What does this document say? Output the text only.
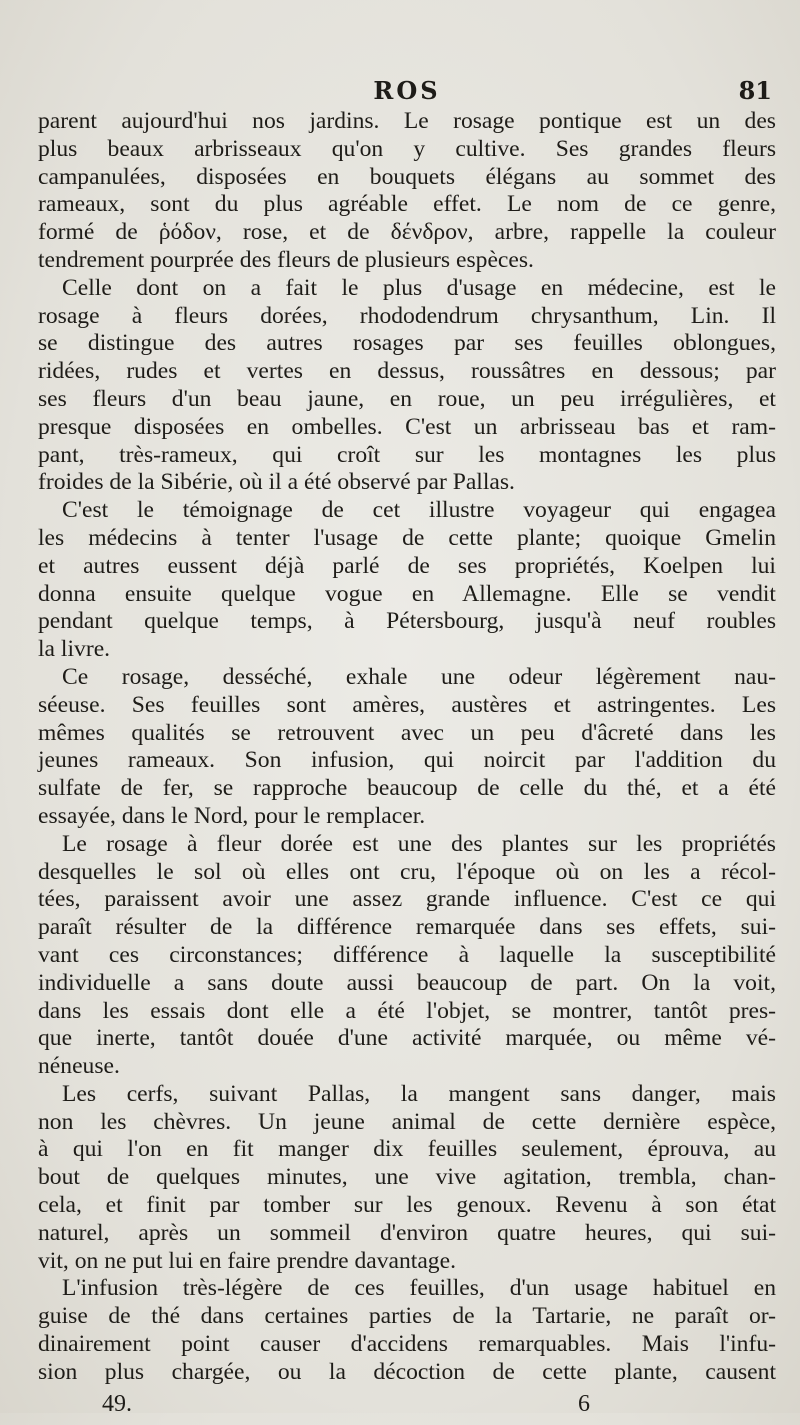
ROS	81

parent aujourd'hui nos jardins. Le rosage pontique est un des
plus beaux arbrisseaux qu'on y cultive. Ses grandes fleurs
campanulées, disposées en bouquets élégans au sommet des
rameaux, sont du plus agréable effet. Le nom de ce genre,
formé de ῥόδον, rose, et de δένδρον, arbre, rappelle la couleur
tendrement pourprée des fleurs de plusieurs espèces.

Celle dont on a fait le plus d'usage en médecine, est le
rosage à fleurs dorées, rhododendrum chrysanthum, Lin. Il
se distingue des autres rosages par ses feuilles oblongues,
ridées, rudes et vertes en dessus, roussâtres en dessous; par
ses fleurs d'un beau jaune, en roue, un peu irrégulières, et
presque disposées en ombelles. C'est un arbrisseau bas et ram-
pant, très-rameux, qui croît sur les montagnes les plus
froides de la Sibérie, où il a été observé par Pallas.

C'est le témoignage de cet illustre voyageur qui engagea
les médecins à tenter l'usage de cette plante; quoique Gmelin
et autres eussent déjà parlé de ses propriétés, Koelpen lui
donna ensuite quelque vogue en Allemagne. Elle se vendit
pendant quelque temps, à Pétersbourg, jusqu'à neuf roubles
la livre.

Ce rosage, desséché, exhale une odeur légèrement nau-
séeuse. Ses feuilles sont amères, austères et astringentes. Les
mêmes qualités se retrouvent avec un peu d'âcreté dans les
jeunes rameaux. Son infusion, qui noircit par l'addition du
sulfate de fer, se rapproche beaucoup de celle du thé, et a été
essayée, dans le Nord, pour le remplacer.

Le rosage à fleur dorée est une des plantes sur les propriétés
desquelles le sol où elles ont cru, l'époque où on les a récol-
tées, paraissent avoir une assez grande influence. C'est ce qui
paraît résulter de la différence remarquée dans ses effets, sui-
vant ces circonstances; différence à laquelle la susceptibilité
individuelle a sans doute aussi beaucoup de part. On la voit,
dans les essais dont elle a été l'objet, se montrer, tantôt pres-
que inerte, tantôt douée d'une activité marquée, ou même vé-
néneuse.

Les cerfs, suivant Pallas, la mangent sans danger, mais
non les chèvres. Un jeune animal de cette dernière espèce,
à qui l'on en fit manger dix feuilles seulement, éprouva, au
bout de quelques minutes, une vive agitation, trembla, chan-
cela, et finit par tomber sur les genoux. Revenu à son état
naturel, après un sommeil d'environ quatre heures, qui sui-
vit, on ne put lui en faire prendre davantage.

L'infusion très-légère de ces feuilles, d'un usage habituel en
guise de thé dans certaines parties de la Tartarie, ne paraît or-
dinairement point causer d'accidens remarquables. Mais l'infu-
sion plus chargée, ou la décoction de cette plante, causent

49.	6
